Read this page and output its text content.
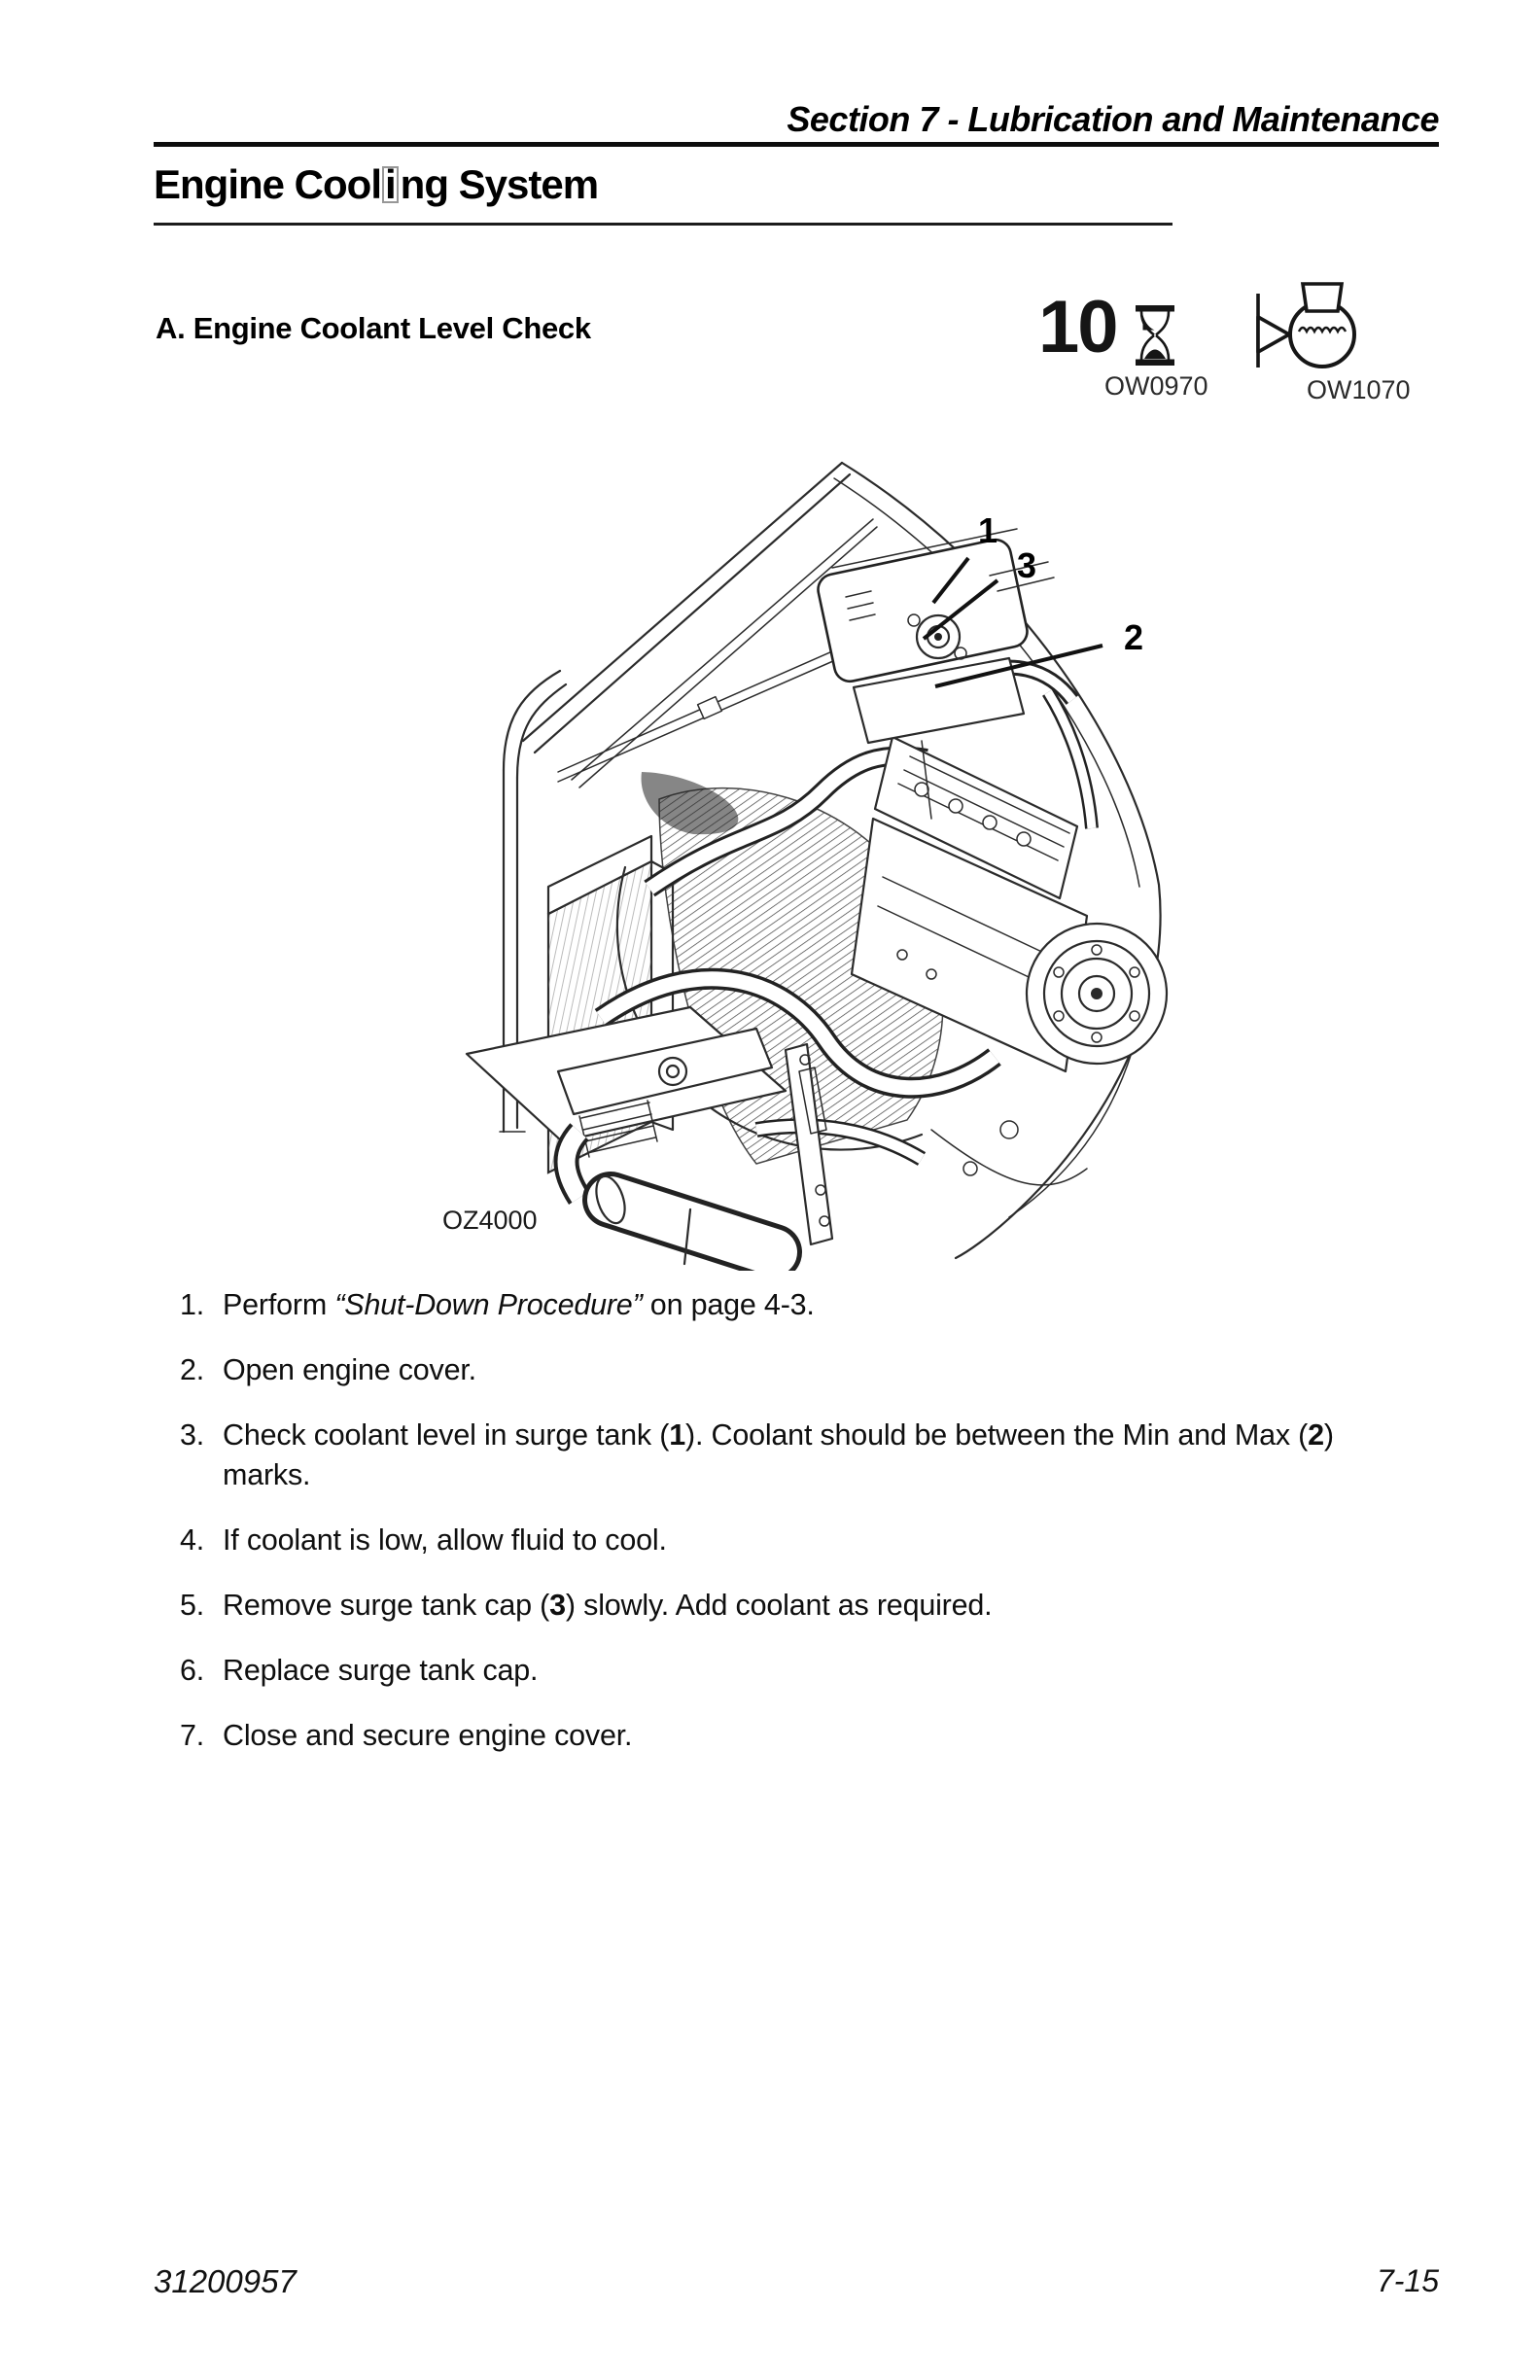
Section 7 - Lubrication and Maintenance
Engine Cooli ng System
A. Engine Coolant Level Check	10
OW0970	OW1070
1
3
2
OZ4000
1. Perform “Shut-Down Procedure” on page 4-3.
2. Open engine cover.
3. Check coolant level in surge tank (1). Coolant should be between the Min and Max (2) marks.
4. If coolant is low, allow fluid to cool.
5. Remove surge tank cap (3) slowly. Add coolant as required.
6. Replace surge tank cap.
7. Close and secure engine cover.
31200957	7-15
